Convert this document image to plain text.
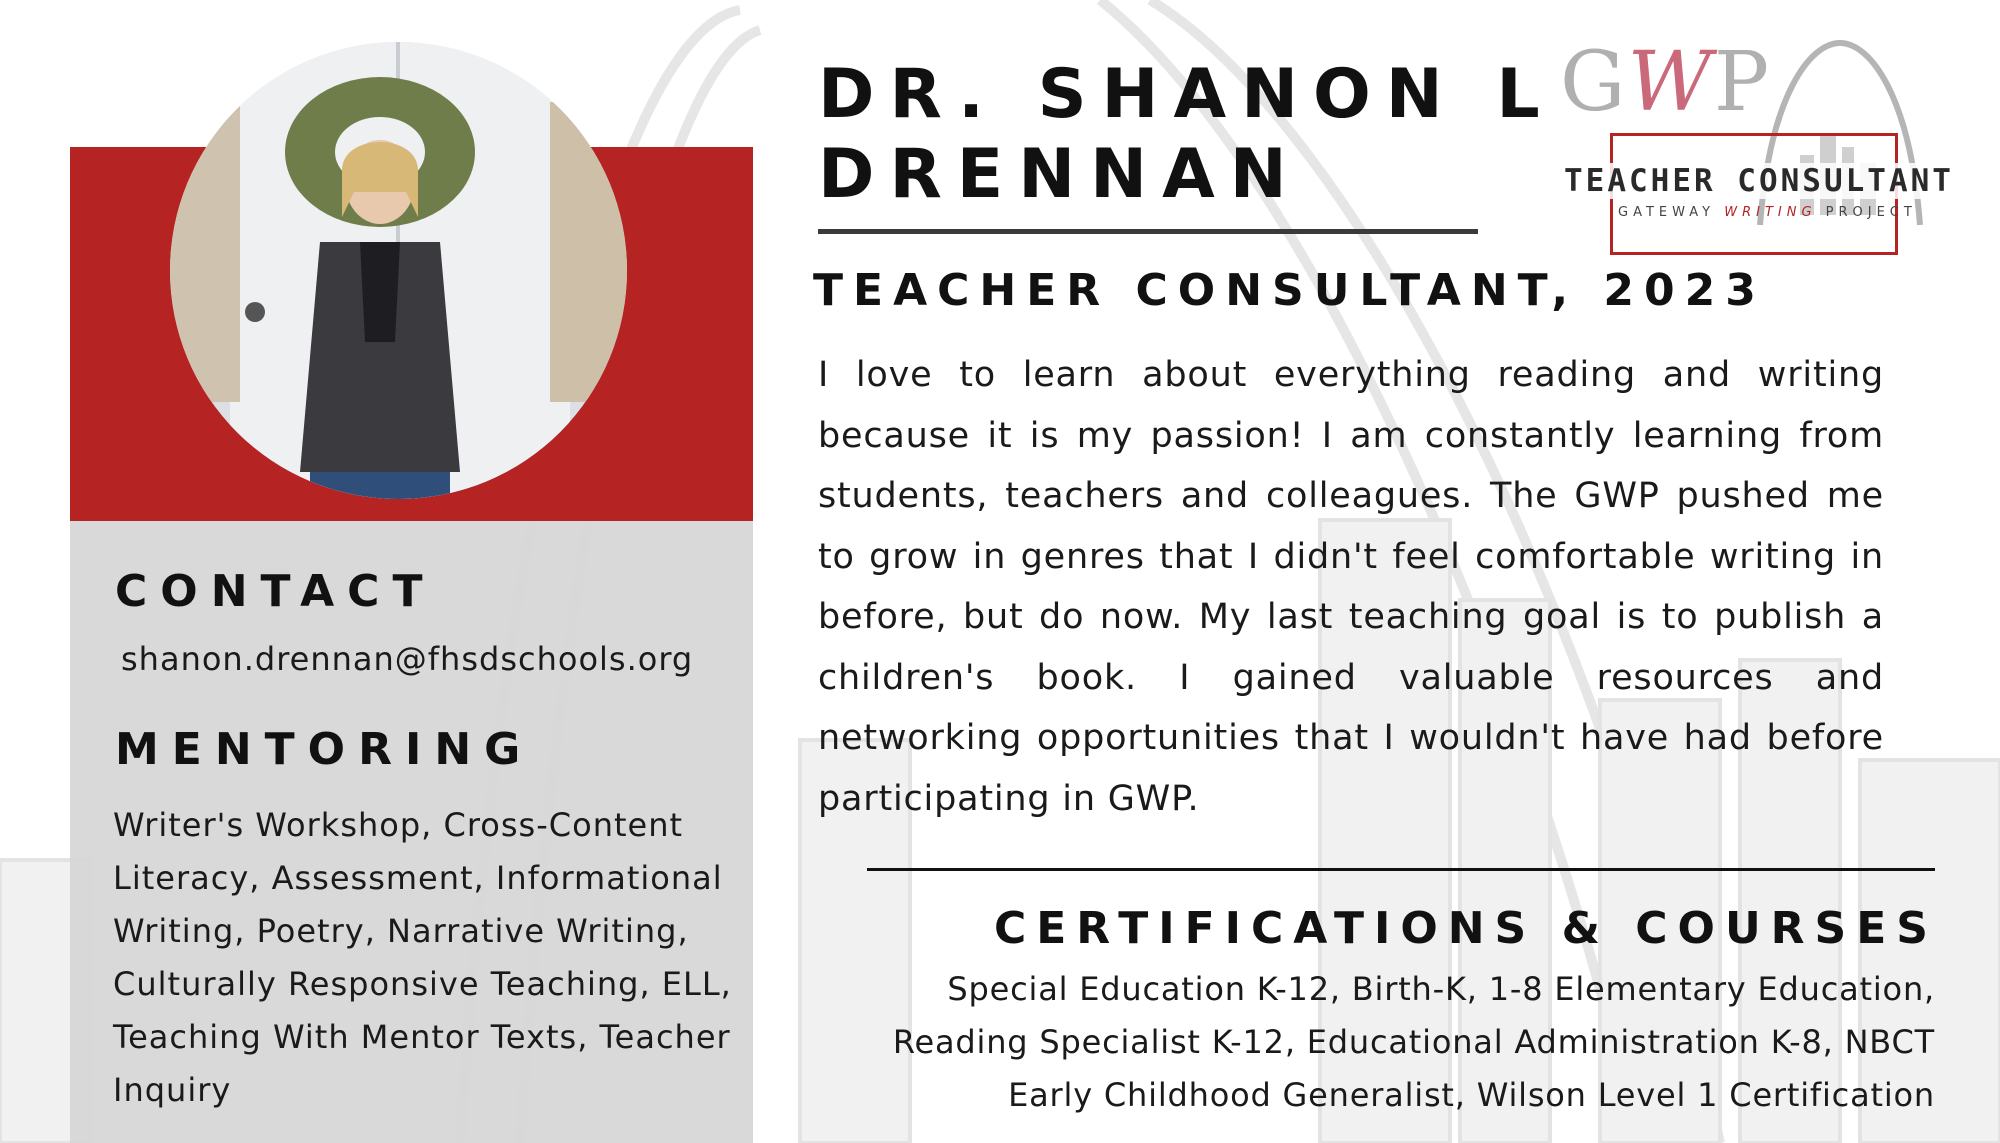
CONTACT
shanon.drennan@fhsdschools.org
MENTORING

Writer's Workshop, Cross-Content Literacy, Assessment, Informational Writing, Poetry, Narrative Writing, Culturally Responsive Teaching, ELL, Teaching With Mentor Texts, Teacher Inquiry

DR. SHANON L
DRENNAN
TEACHER CONSULTANT, 2023
I love to learn about everything reading and writing
because it is my passion! I am constantly learning from
students, teachers and colleagues. The GWP pushed me
to grow in genres that I didn't feel comfortable writing in
before, but do now. My last teaching goal is to publish a
children's book. I gained valuable resources and
networking opportunities that I wouldn't have had before
participating in GWP.
CERTIFICATIONS & COURSES
Special Education K-12, Birth-K, 1-8 Elementary Education,
Reading Specialist K-12, Educational Administration K-8, NBCT
Early Childhood Generalist, Wilson Level 1 Certification
GWP
TEACHER CONSULTANT
GATEWAY WRITING PROJECT
